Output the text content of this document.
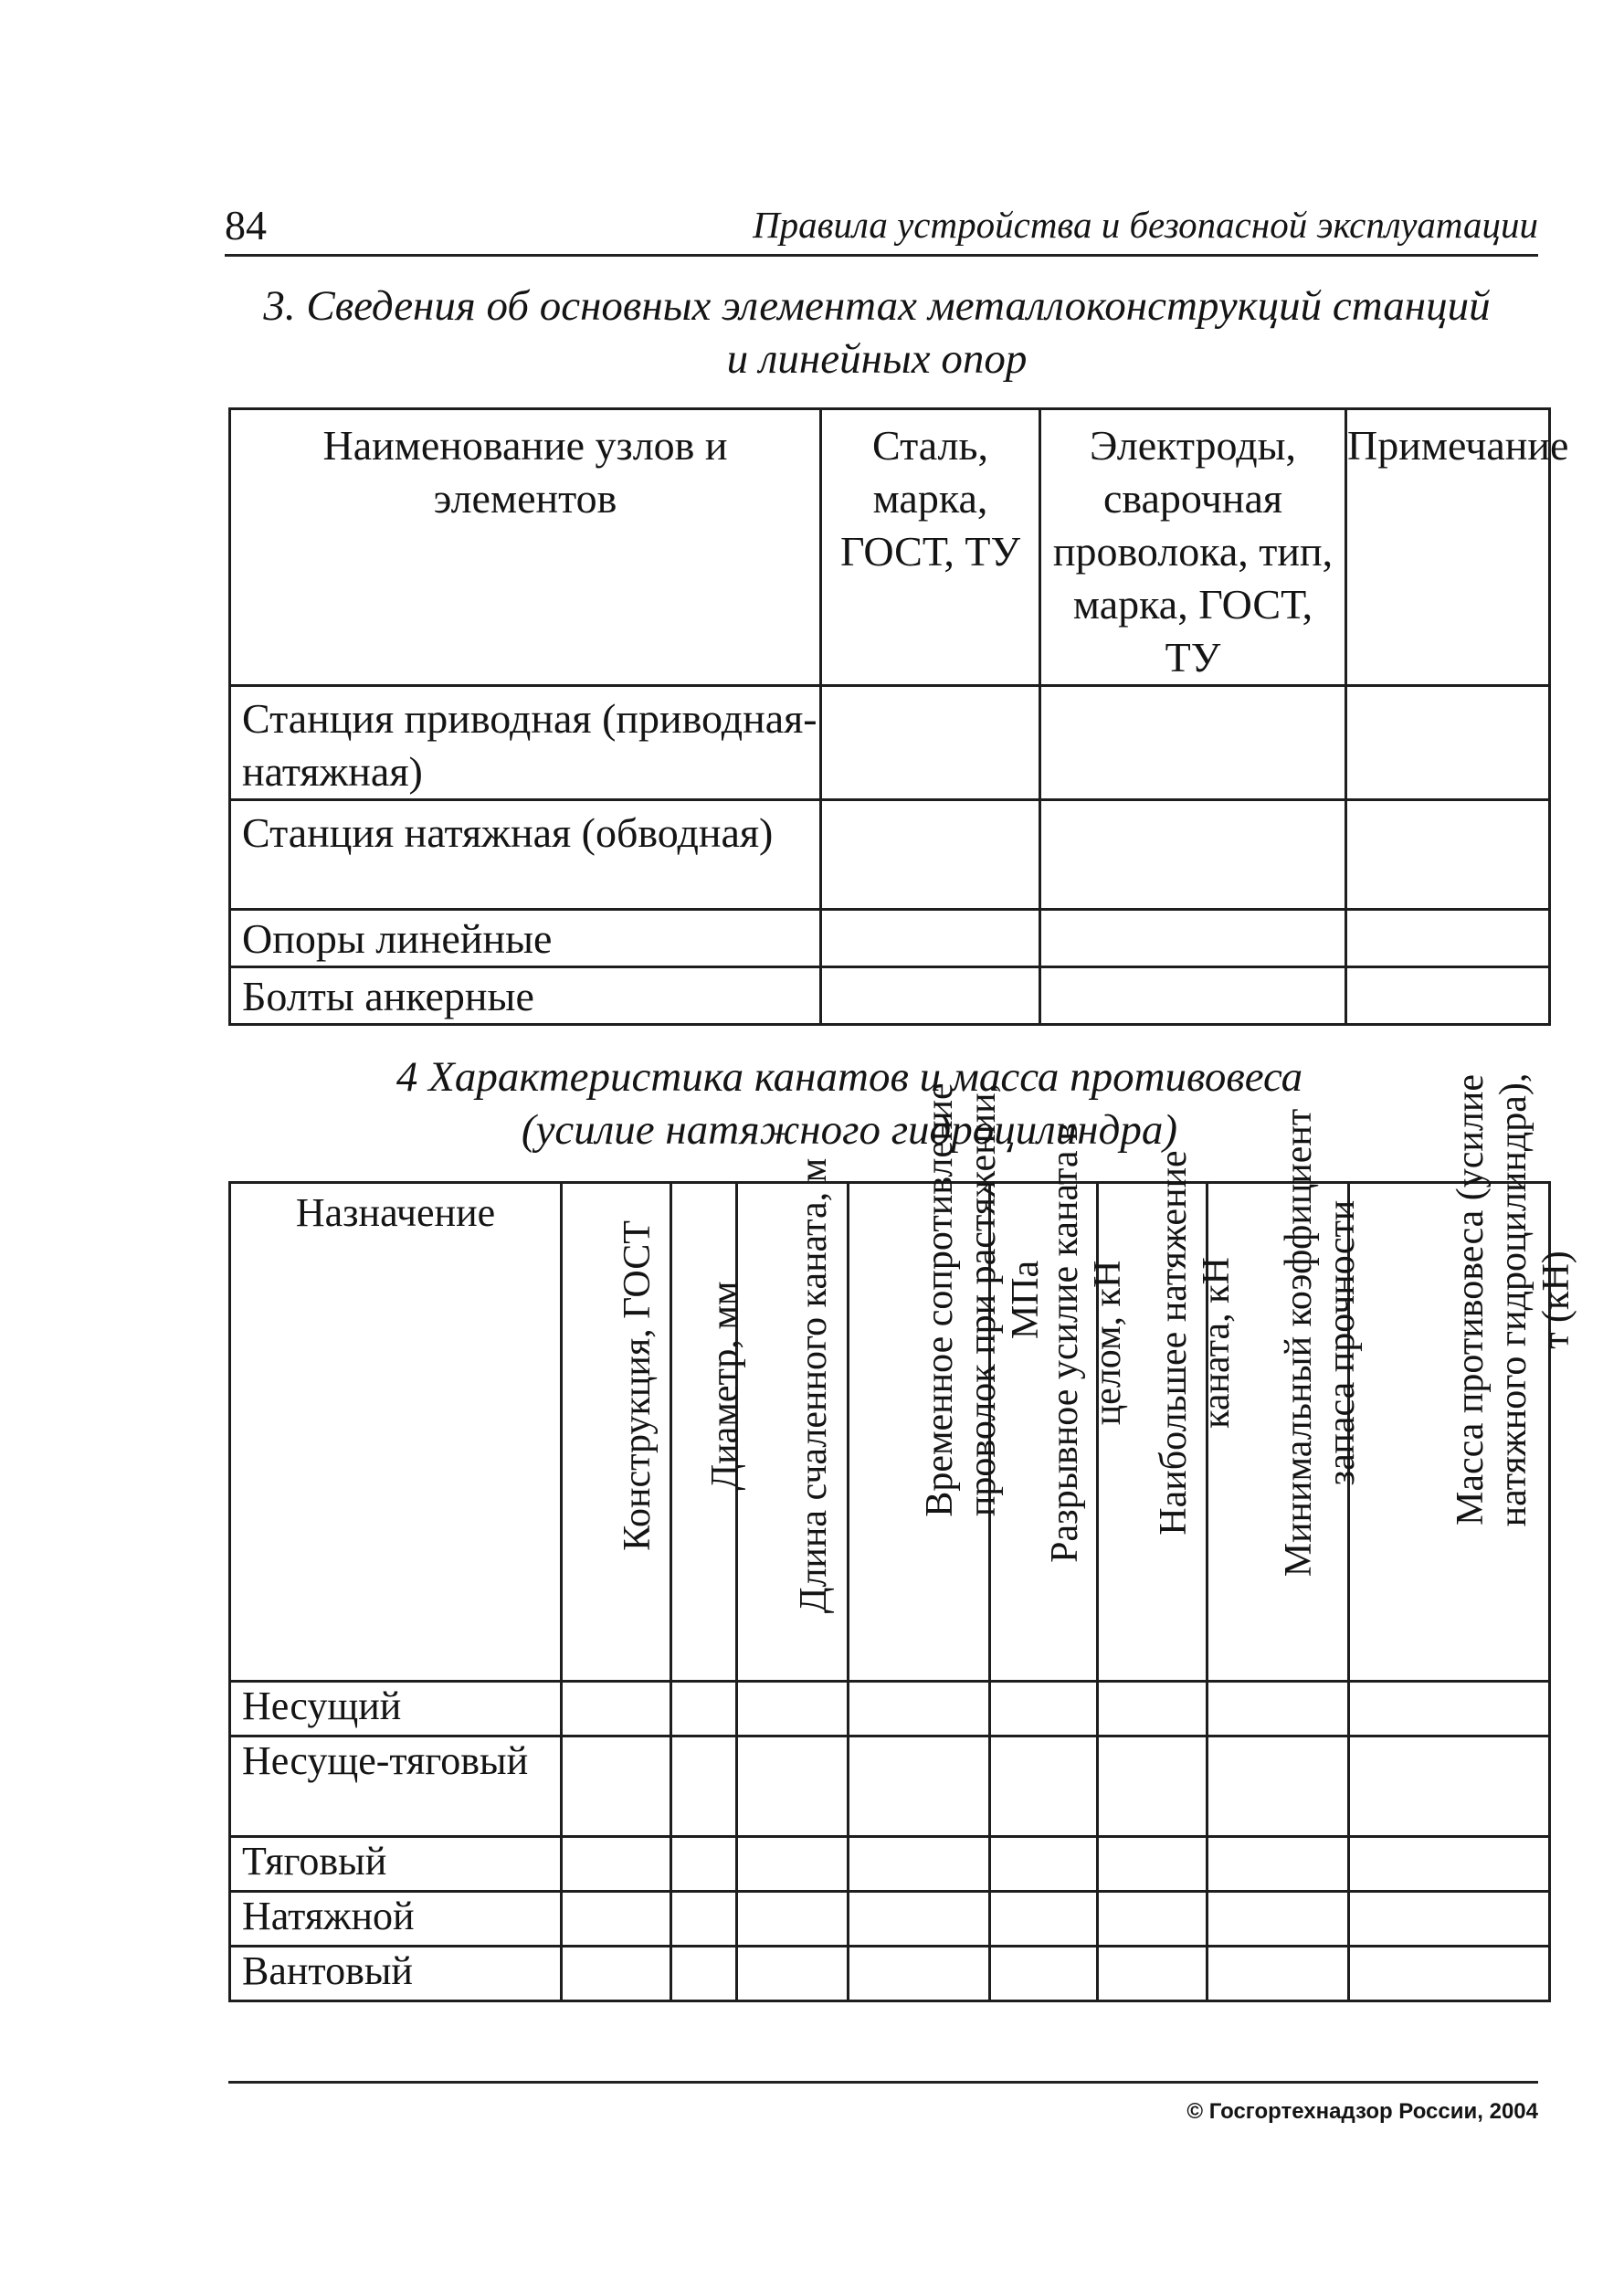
84	Правила устройства и безопасной эксплуатации
3. Сведения об основных элементах металлоконструкций станций
и линейных опор
Наименование узлов и элементов	Сталь, марка, ГОСТ, ТУ	Электроды, сварочная проволока, тип, марка, ГОСТ, ТУ	Примечание
Станция приводная (приводная-натяжная)			
Станция натяжная (обводная)			
Опоры линейные			
Болты анкерные			
4 Характеристика канатов и масса противовеса
(усилие натяжного гидроцилиндра)
Назначение	Конструкция, ГОСТ	Диаметр, мм	Длина счаленного каната, м	Временное сопротивление проволок при растяжении, МПа	Разрывное усилие каната в целом, кН	Наибольшее натяжение каната, кН	Минимальный коэффициент запаса прочности	Масса противовеса (усилие натяжного гидроцилиндра), т (кН)

Несущий								
Несуще-тяговый								
Тяговый								
Натяжной								
Вантовый								
© Госгортехнадзор России, 2004
